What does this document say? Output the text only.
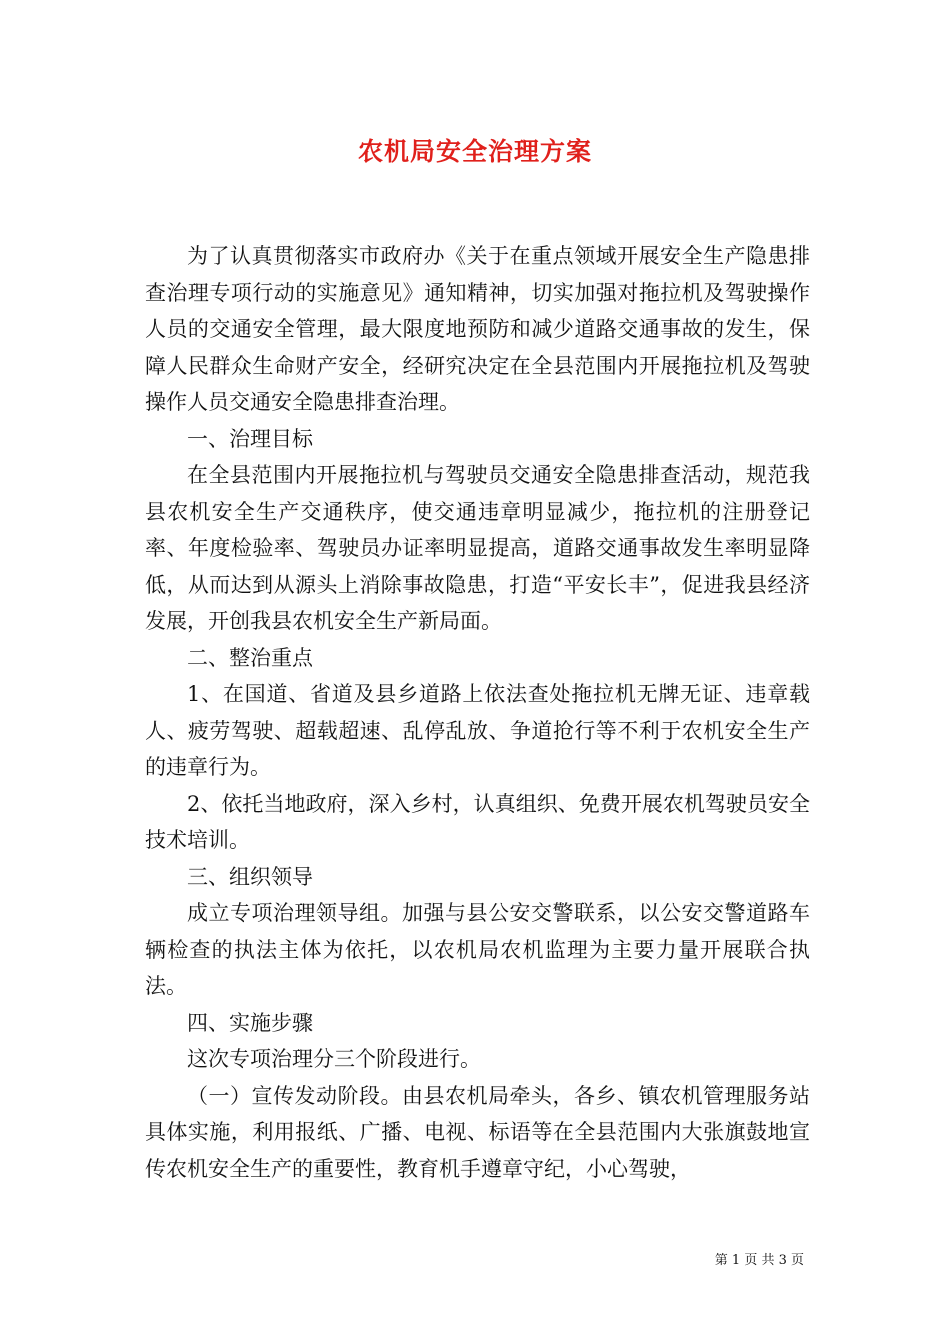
农机局安全治理方案

为了认真贯彻落实市政府办《关于在重点领域开展安全生产隐患排查治理专项行动的实施意见》通知精神，切实加强对拖拉机及驾驶操作人员的交通安全管理，最大限度地预防和减少道路交通事故的发生，保障人民群众生命财产安全，经研究决定在全县范围内开展拖拉机及驾驶操作人员交通安全隐患排查治理。

一、治理目标

在全县范围内开展拖拉机与驾驶员交通安全隐患排查活动，规范我县农机安全生产交通秩序，使交通违章明显减少，拖拉机的注册登记率、年度检验率、驾驶员办证率明显提高，道路交通事故发生率明显降低，从而达到从源头上消除事故隐患，打造“平安长丰”，促进我县经济发展，开创我县农机安全生产新局面。

二、整治重点

1、在国道、省道及县乡道路上依法查处拖拉机无牌无证、违章载人、疲劳驾驶、超载超速、乱停乱放、争道抢行等不利于农机安全生产的违章行为。

2、依托当地政府，深入乡村，认真组织、免费开展农机驾驶员安全技术培训。

三、组织领导

成立专项治理领导组。加强与县公安交警联系，以公安交警道路车辆检查的执法主体为依托，以农机局农机监理为主要力量开展联合执法。

四、实施步骤

这次专项治理分三个阶段进行。

（一）宣传发动阶段。由县农机局牵头，各乡、镇农机管理服务站具体实施，利用报纸、广播、电视、标语等在全县范围内大张旗鼓地宣传农机安全生产的重要性，教育机手遵章守纪，小心驾驶，

第 1 页 共 3 页
